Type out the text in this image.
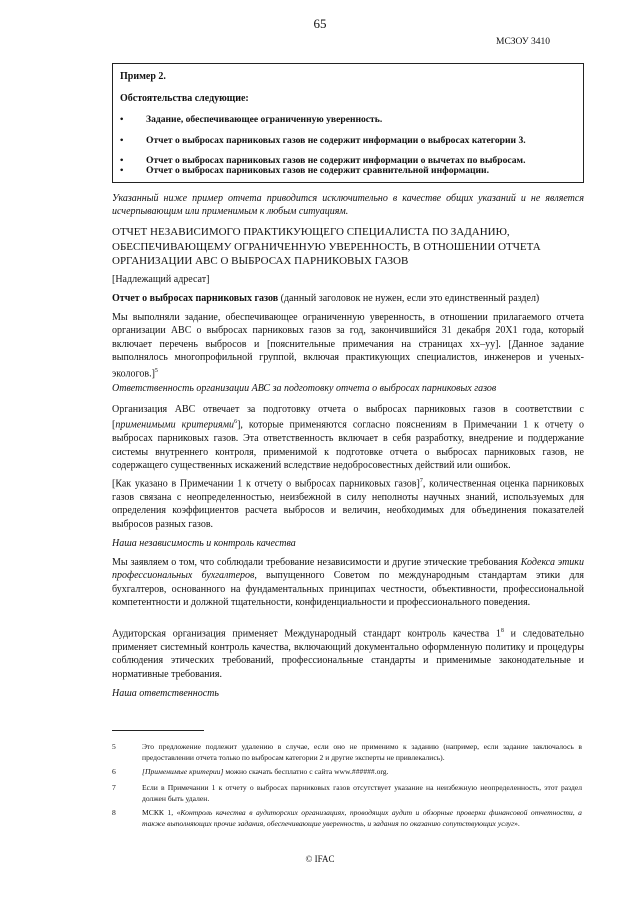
65
МСЗОУ 3410
Пример 2.
Обстоятельства следующие:
• Задание, обеспечивающее ограниченную уверенность.
• Отчет о выбросах парниковых газов не содержит информации о выбросах категории 3.
• Отчет о выбросах парниковых газов не содержит информации о вычетах по выбросам.
• Отчет о выбросах парниковых газов не содержит сравнительной информации.
Указанный ниже пример отчета приводится исключительно в качестве общих указаний и не является исчерпывающим или применимым к любым ситуациям.
ОТЧЕТ НЕЗАВИСИМОГО ПРАКТИКУЮЩЕГО СПЕЦИАЛИСТА ПО ЗАДАНИЮ, ОБЕСПЕЧИВАЮЩЕМУ ОГРАНИЧЕННУЮ УВЕРЕННОСТЬ, В ОТНОШЕНИИ ОТЧЕТА ОРГАНИЗАЦИИ АВС О ВЫБРОСАХ ПАРНИКОВЫХ ГАЗОВ
[Надлежащий адресат]
Отчет о выбросах парниковых газов (данный заголовок не нужен, если это единственный раздел)
Мы выполняли задание, обеспечивающее ограниченную уверенность, в отношении прилагаемого отчета организации АВС о выбросах парниковых газов за год, закончившийся 31 декабря 20X1 года, который включает перечень выбросов и [пояснительные примечания на страницах xx–yy]. [Данное задание выполнялось многопрофильной группой, включая практикующих специалистов, инженеров и ученых-экологов.]$^5$
Ответственность организации АВС за подготовку отчета о выбросах парниковых газов
Организация АВС отвечает за подготовку отчета о выбросах парниковых газов в соответствии с [применимыми критериями$^6$], которые применяются согласно пояснениям в Примечании 1 к отчету о выбросах парниковых газов. Эта ответственность включает в себя разработку, внедрение и поддержание системы внутреннего контроля, применимой к подготовке отчета о выбросах парниковых газов, не содержащего существенных искажений вследствие недобросовестных действий или ошибок.
[Как указано в Примечании 1 к отчету о выбросах парниковых газов]$^7$, количественная оценка парниковых газов связана с неопределенностью, неизбежной в силу неполноты научных знаний, используемых для определения коэффициентов расчета выбросов и величин, необходимых для объединения показателей выбросов разных газов.
Наша независимость и контроль качества
Мы заявляем о том, что соблюдали требование независимости и другие этические требования Кодекса этики профессиональных бухгалтеров, выпущенного Советом по международным стандартам этики для бухгалтеров, основанного на фундаментальных принципах честности, объективности, профессиональной компетентности и должной тщательности, конфиденциальности и профессионального поведения.
Аудиторская организация применяет Международный стандарт контроль качества $1^8$ и следовательно применяет системный контроль качества, включающий документально оформленную политику и процедуры соблюдения этических требований, профессиональные стандарты и применимые законодательные и нормативные требования.
Наша ответственность
5	Это предложение подлежит удалению в случае, если оно не применимо к заданию (например, если задание заключалось в предоставлении отчета только по выбросам категории 2 и другие эксперты не привлекались).
6	[Применимые критерии] можно скачать бесплатно с сайта www.######.org.
7	Если в Примечании 1 к отчету о выбросах парниковых газов отсутствует указание на неизбежную неопределенность, этот раздел должен быть удален.
8	МСКК 1, «Контроль качества в аудиторских организациях, проводящих аудит и обзорные проверки финансовой отчетности, а также выполняющих прочие задания, обеспечивающие уверенность, и задания по оказанию сопутствующих услуг».
© IFAC
